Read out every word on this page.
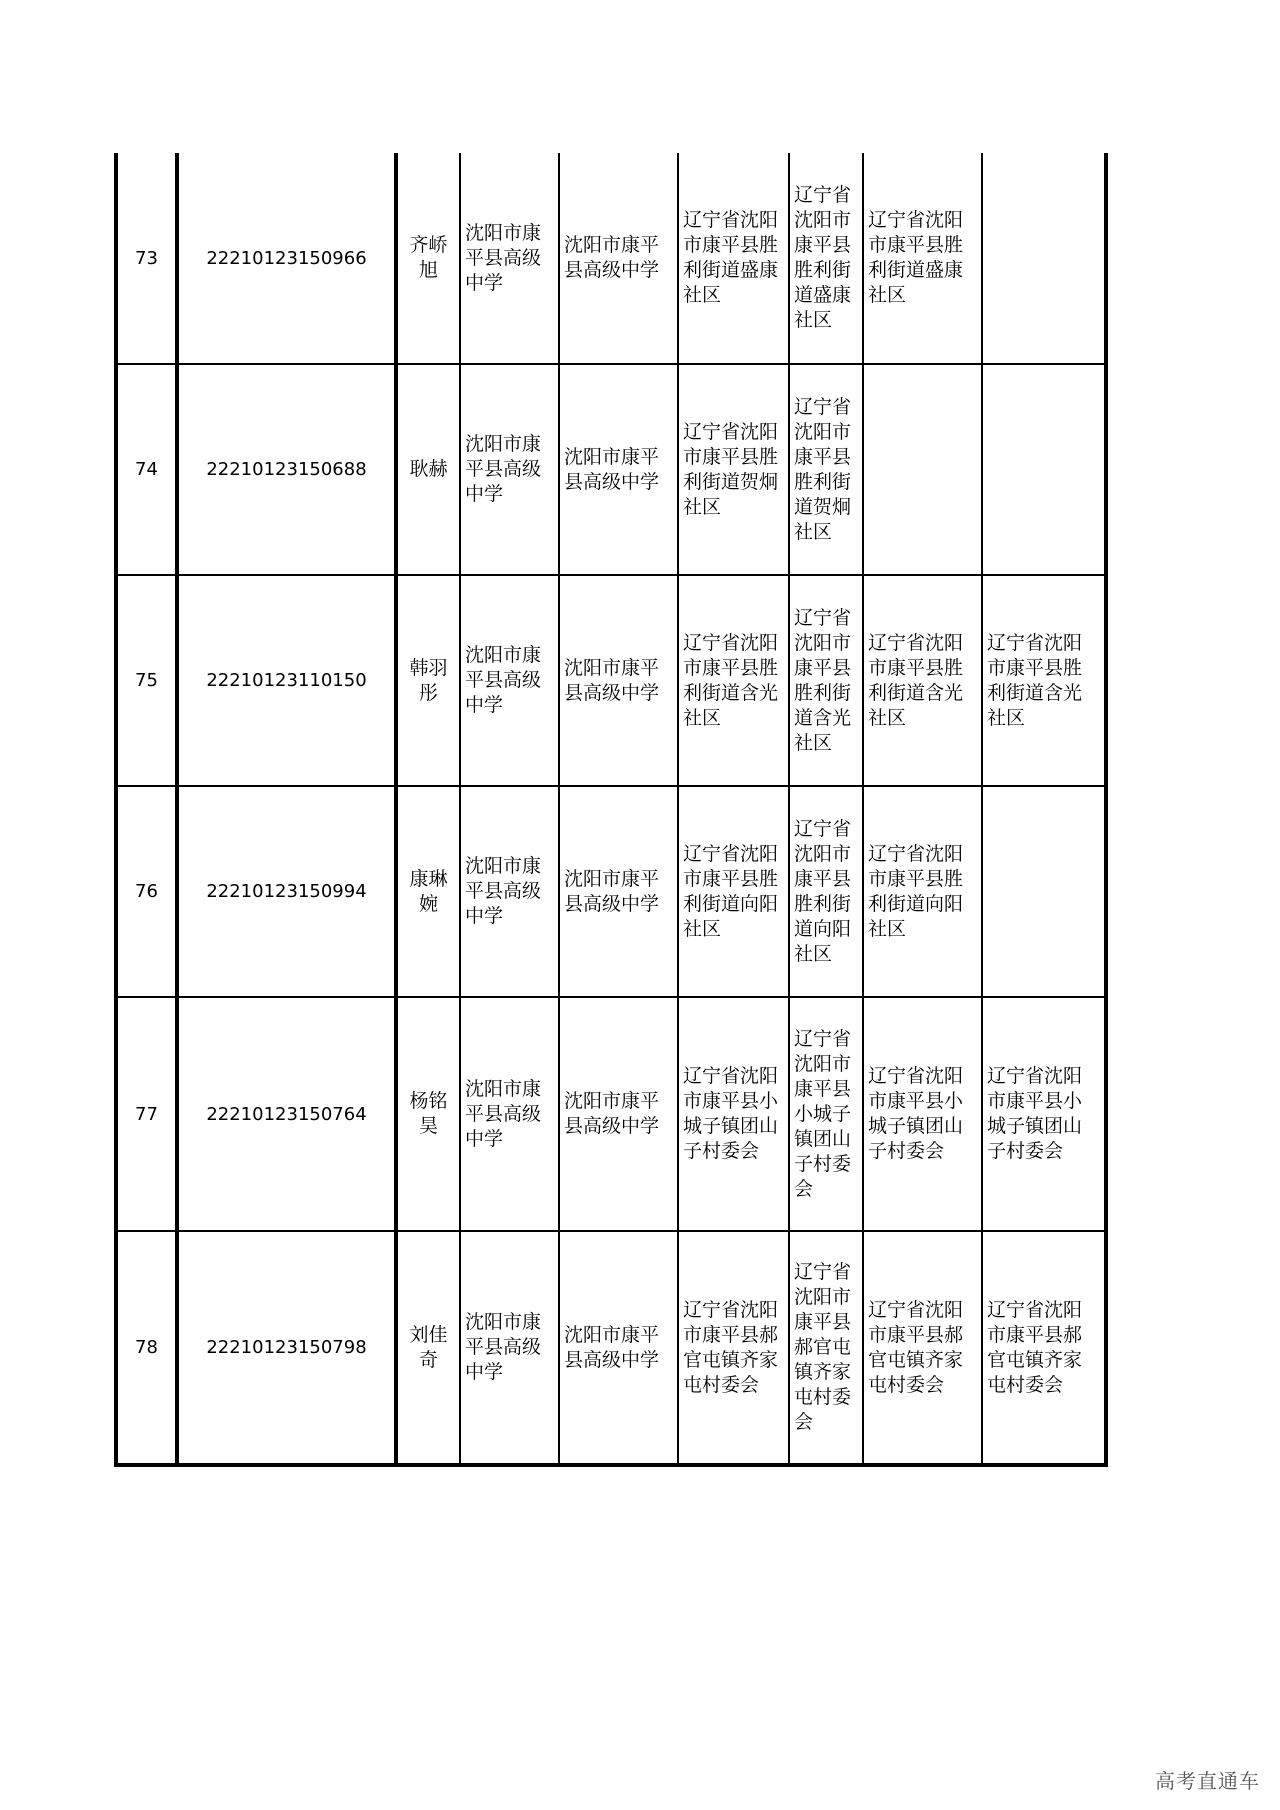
73	22210123150966	齐峤旭	沈阳市康平县高级中学	沈阳市康平县高级中学	辽宁省沈阳市康平县胜利街道盛康社区	辽宁省沈阳市康平县胜利街道盛康社区	辽宁省沈阳市康平县胜利街道盛康社区	
74	22210123150688	耿赫	沈阳市康平县高级中学	沈阳市康平县高级中学	辽宁省沈阳市康平县胜利街道贺炯社区	辽宁省沈阳市康平县胜利街道贺炯社区		
75	22210123110150	韩羽彤	沈阳市康平县高级中学	沈阳市康平县高级中学	辽宁省沈阳市康平县胜利街道含光社区	辽宁省沈阳市康平县胜利街道含光社区	辽宁省沈阳市康平县胜利街道含光社区	辽宁省沈阳市康平县胜利街道含光社区
76	22210123150994	康琳婉	沈阳市康平县高级中学	沈阳市康平县高级中学	辽宁省沈阳市康平县胜利街道向阳社区	辽宁省沈阳市康平县胜利街道向阳社区	辽宁省沈阳市康平县胜利街道向阳社区	
77	22210123150764	杨铭昊	沈阳市康平县高级中学	沈阳市康平县高级中学	辽宁省沈阳市康平县小城子镇团山子村委会	辽宁省沈阳市康平县小城子镇团山子村委会	辽宁省沈阳市康平县小城子镇团山子村委会	辽宁省沈阳市康平县小城子镇团山子村委会
78	22210123150798	刘佳奇	沈阳市康平县高级中学	沈阳市康平县高级中学	辽宁省沈阳市康平县郝官屯镇齐家屯村委会	辽宁省沈阳市康平县郝官屯镇齐家屯村委会	辽宁省沈阳市康平县郝官屯镇齐家屯村委会	辽宁省沈阳市康平县郝官屯镇齐家屯村委会
高考直通车
